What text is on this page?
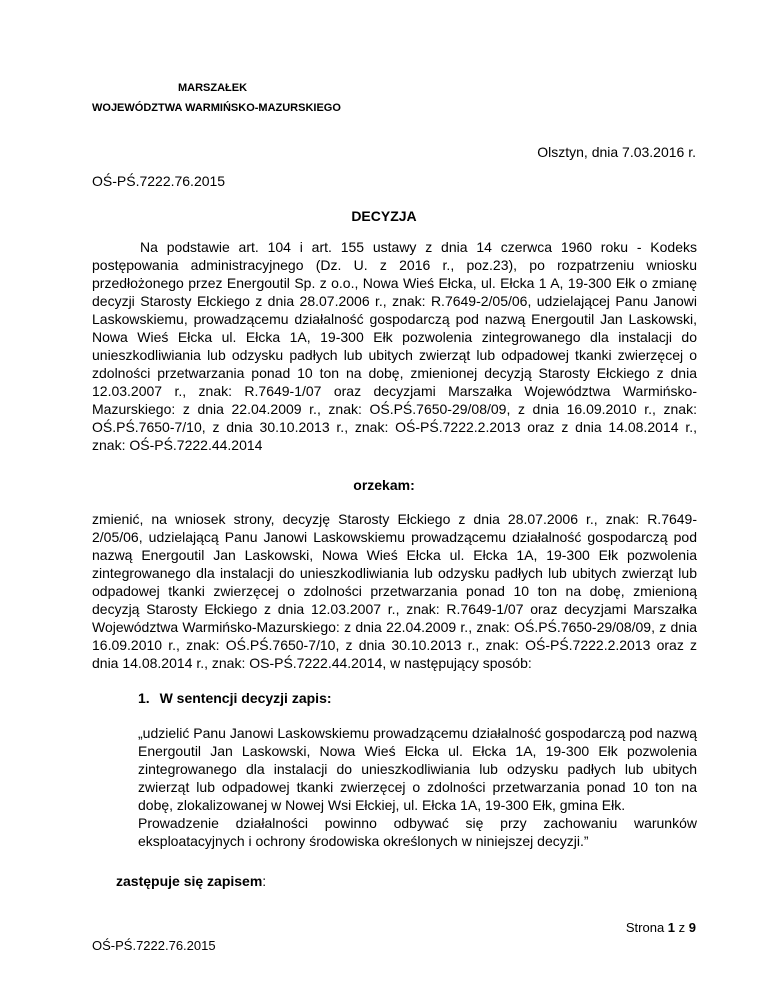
MARSZAŁEK
WOJEWÓDZTWA WARMIŃSKO-MAZURSKIEGO
Olsztyn, dnia 7.03.2016 r.
OŚ-PŚ.7222.76.2015
DECYZJA
Na podstawie art. 104 i art. 155 ustawy z dnia 14 czerwca 1960 roku - Kodeks postępowania administracyjnego (Dz. U. z 2016 r., poz.23), po rozpatrzeniu wniosku przedłożonego przez Energoutil Sp. z o.o., Nowa Wieś Ełcka, ul. Ełcka 1 A, 19-300 Ełk o zmianę decyzji Starosty Ełckiego z dnia 28.07.2006 r., znak: R.7649-2/05/06, udzielającej Panu Janowi Laskowskiemu, prowadzącemu działalność gospodarczą pod nazwą Energoutil Jan Laskowski, Nowa Wieś Ełcka ul. Ełcka 1A, 19-300 Ełk pozwolenia zintegrowanego dla instalacji do unieszkodliwiania lub odzysku padłych lub ubitych zwierząt lub odpadowej tkanki zwierzęcej o zdolności przetwarzania ponad 10 ton na dobę, zmienionej decyzją Starosty Ełckiego z dnia 12.03.2007 r., znak: R.7649-1/07 oraz decyzjami Marszałka Województwa Warmińsko-Mazurskiego: z dnia 22.04.2009 r., znak: OŚ.PŚ.7650-29/08/09, z dnia 16.09.2010 r., znak: OŚ.PŚ.7650-7/10, z dnia 30.10.2013 r., znak: OŚ-PŚ.7222.2.2013 oraz z dnia 14.08.2014 r., znak: OŚ-PŚ.7222.44.2014
orzekam:
zmienić, na wniosek strony, decyzję Starosty Ełckiego z dnia 28.07.2006 r., znak: R.7649-2/05/06, udzielającą Panu Janowi Laskowskiemu prowadzącemu działalność gospodarczą pod nazwą Energoutil Jan Laskowski, Nowa Wieś Ełcka ul. Ełcka 1A, 19-300 Ełk pozwolenia zintegrowanego dla instalacji do unieszkodliwiania lub odzysku padłych lub ubitych zwierząt lub odpadowej tkanki zwierzęcej o zdolności przetwarzania ponad 10 ton na dobę, zmienioną decyzją Starosty Ełckiego z dnia 12.03.2007 r., znak: R.7649-1/07 oraz decyzjami Marszałka Województwa Warmińsko-Mazurskiego: z dnia 22.04.2009 r., znak: OŚ.PŚ.7650-29/08/09, z dnia 16.09.2010 r., znak: OŚ.PŚ.7650-7/10, z dnia 30.10.2013 r., znak: OŚ-PŚ.7222.2.2013 oraz z dnia 14.08.2014 r., znak: OS-PŚ.7222.44.2014, w następujący sposób:
1. W sentencji decyzji zapis:

„udzielić Panu Janowi Laskowskiemu prowadzącemu działalność gospodarczą pod nazwą Energoutil Jan Laskowski, Nowa Wieś Ełcka ul. Ełcka 1A, 19-300 Ełk pozwolenia zintegrowanego dla instalacji do unieszkodliwiania lub odzysku padłych lub ubitych zwierząt lub odpadowej tkanki zwierzęcej o zdolności przetwarzania ponad 10 ton na dobę, zlokalizowanej w Nowej Wsi Ełckiej, ul. Ełcka 1A, 19-300 Ełk, gmina Ełk.

Prowadzenie działalności powinno odbywać się przy zachowaniu warunków eksploatacyjnych i ochrony środowiska określonych w niniejszej decyzji.”

zastępuje się zapisem:
Strona 1 z 9
OŚ-PŚ.7222.76.2015
